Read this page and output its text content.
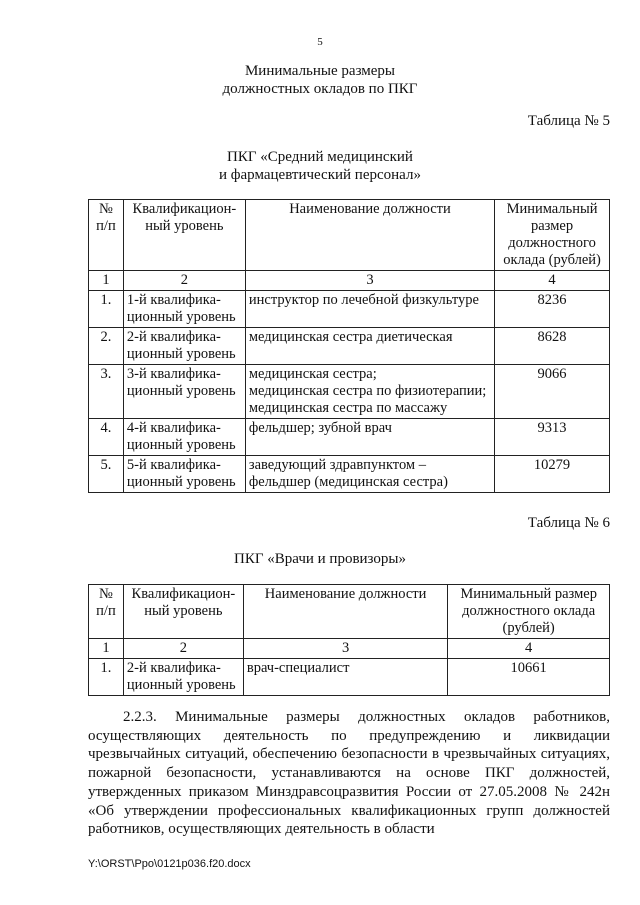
5
Минимальные размеры
должностных окладов по ПКГ
Таблица № 5
ПКГ «Средний медицинский
и фармацевтический персонал»
№ п/п	Квалификацион-ный уровень	Наименование должности	Минимальный размер должностного оклада (рублей)
1	2	3	4
1.	1-й квалифика-ционный уровень	инструктор по лечебной физкультуре	8236
2.	2-й квалифика-ционный уровень	медицинская сестра диетическая	8628
3.	3-й квалифика-ционный уровень	медицинская сестра;
медицинская сестра по физиотерапии;
медицинская сестра по массажу	9066
4.	4-й квалифика-ционный уровень	фельдшер; зубной врач	9313
5.	5-й квалифика-ционный уровень	заведующий здравпунктом – фельдшер (медицинская сестра)	10279
Таблица № 6
ПКГ «Врачи и провизоры»
№ п/п	Квалификацион-ный уровень	Наименование должности	Минимальный размер должностного оклада (рублей)
1	2	3	4
1.	2-й квалифика-ционный уровень	врач-специалист	10661

2.2.3. Минимальные размеры должностных окладов работников, осуществляющих деятельность по предупреждению и ликвидации чрезвычайных ситуаций, обеспечению безопасности в чрезвычайных ситуациях, пожарной безопасности, устанавливаются на основе ПКГ должностей, утвержденных приказом Минздравсоцразвития России от 27.05.2008 № 242н «Об утверждении профессиональных квалификационных групп должностей работников, осуществляющих деятельность в области

Y:\ORST\Ppo\0121p036.f20.docx
